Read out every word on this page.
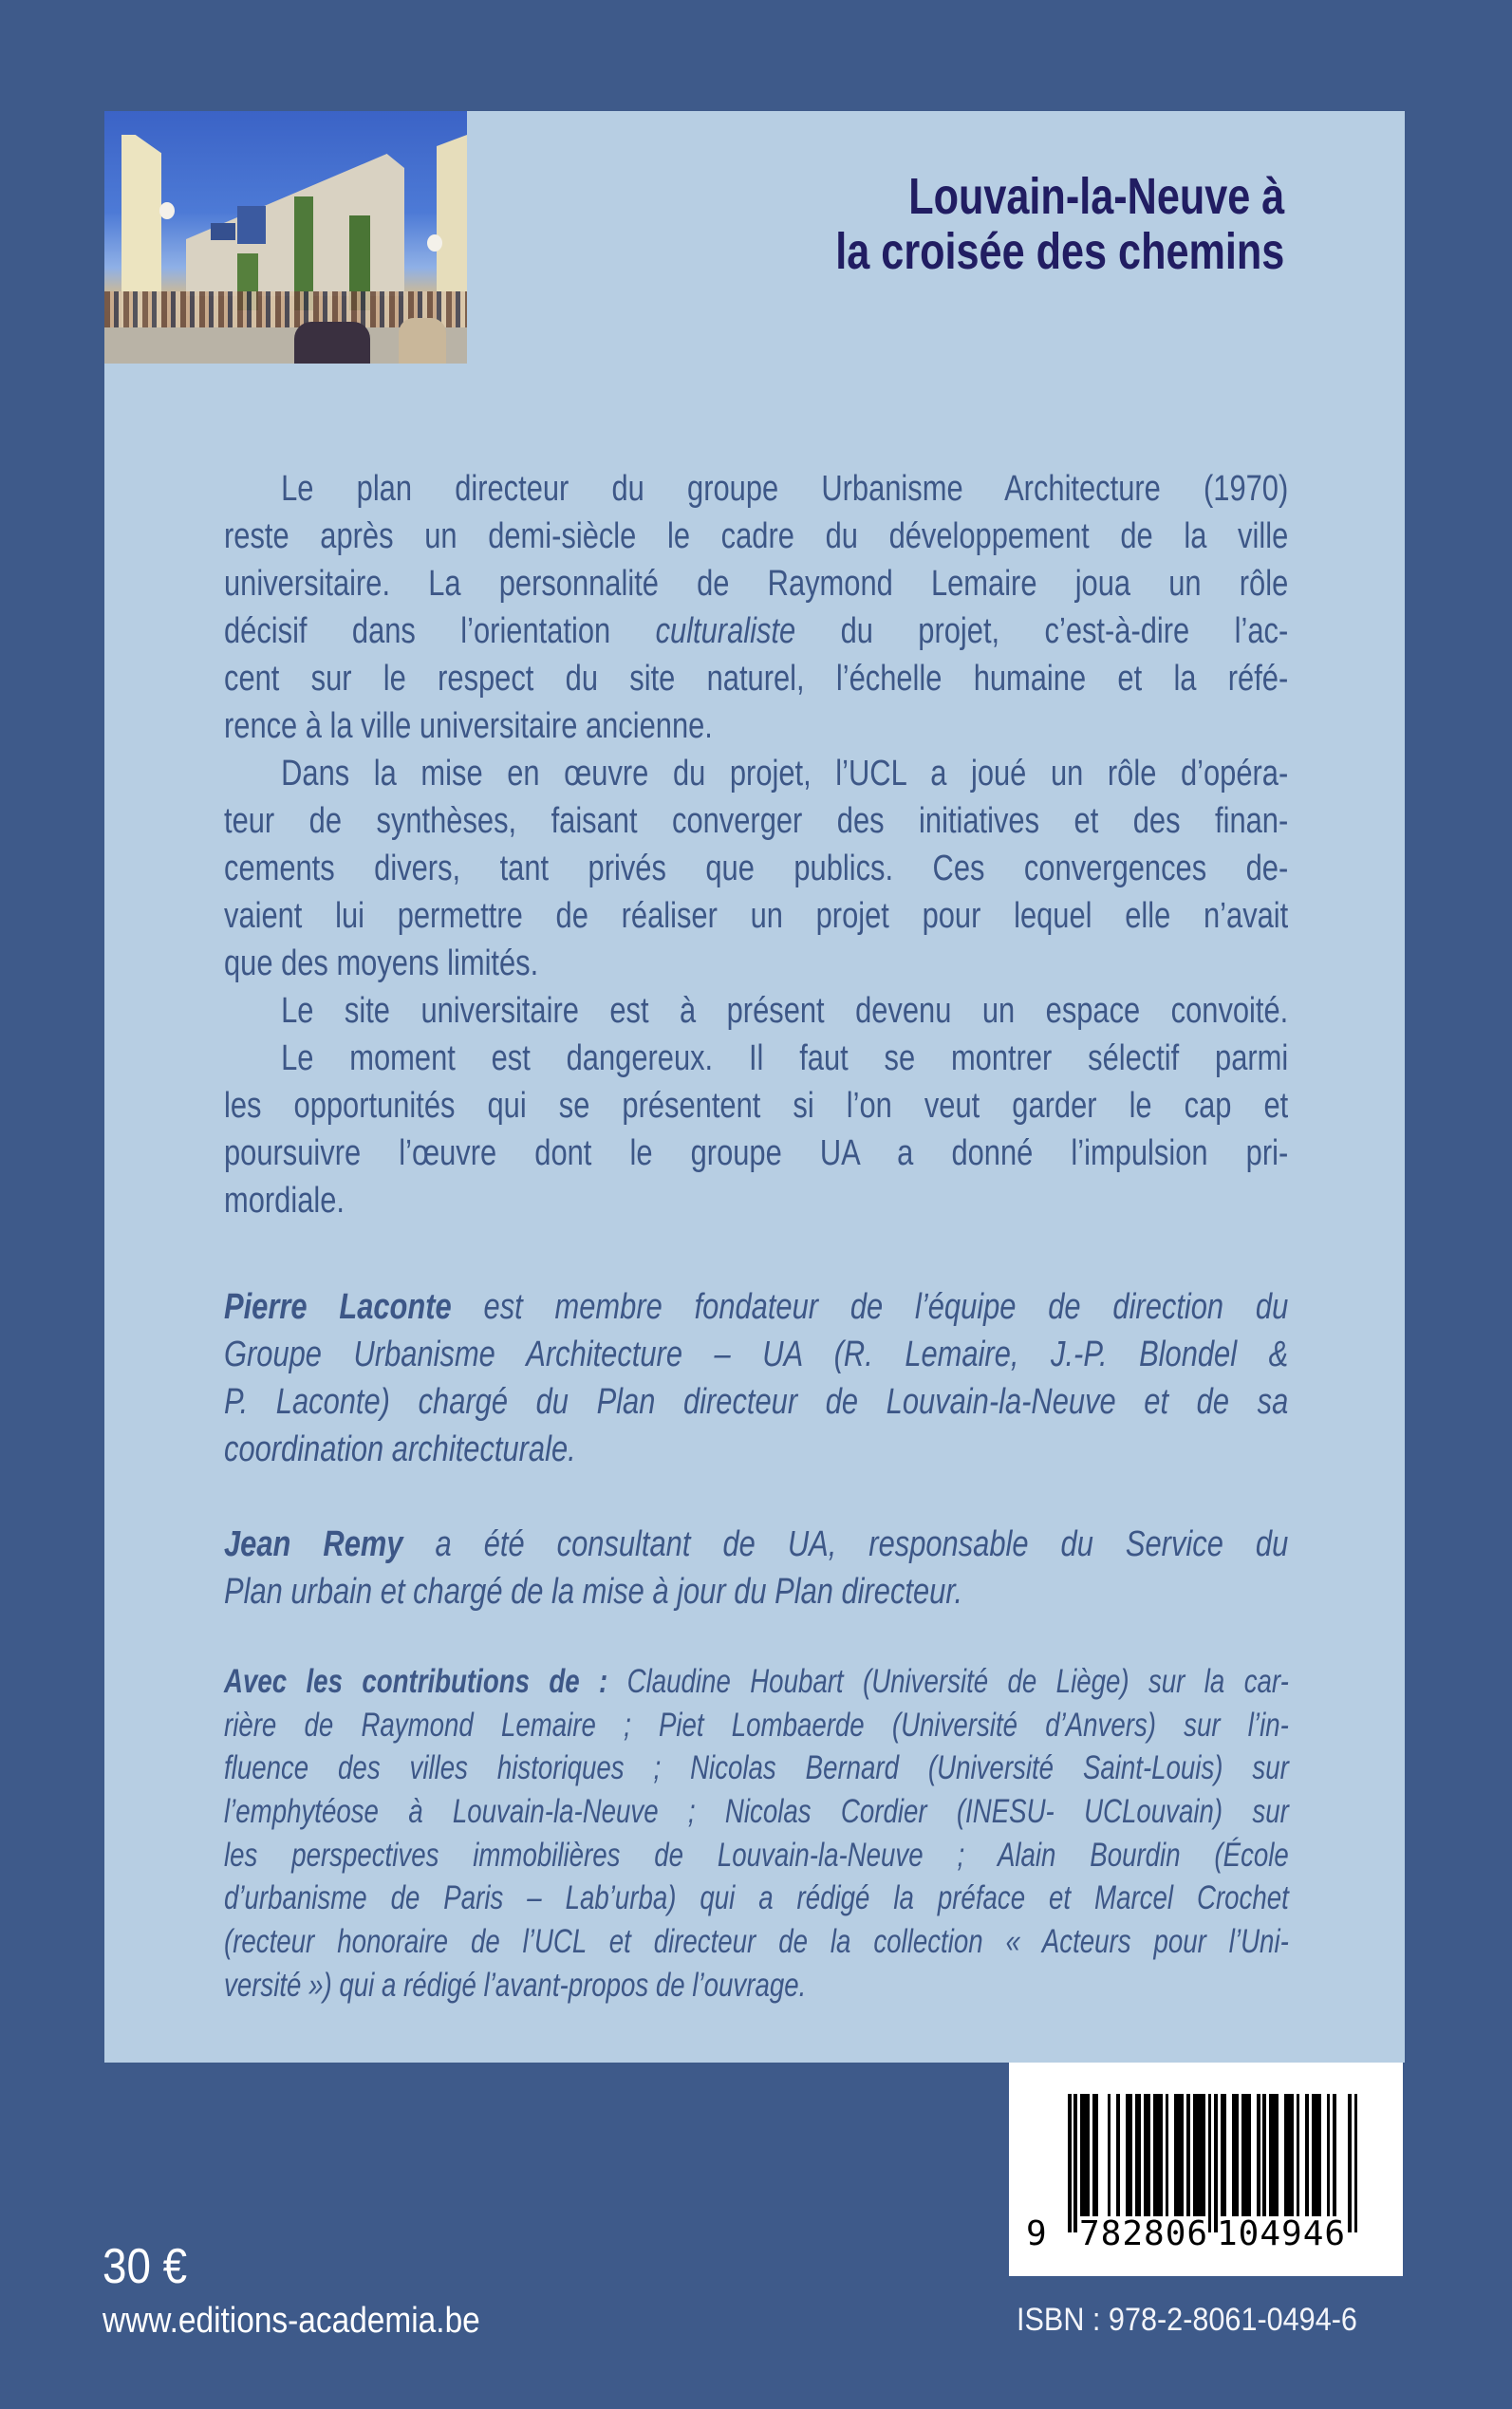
Louvain-la-Neuve à
la croisée des chemins
Le plan directeur du groupe Urbanisme Architecture (1970)
reste après un demi-siècle le cadre du développement de la ville
universitaire. La personnalité de Raymond Lemaire joua un rôle
décisif dans l’orientation culturaliste du projet, c’est-à-dire l’ac-
cent sur le respect du site naturel, l’échelle humaine et la réfé-
rence à la ville universitaire ancienne.
Dans la mise en œuvre du projet, l’UCL a joué un rôle d’opéra-
teur de synthèses, faisant converger des initiatives et des finan-
cements divers, tant privés que publics. Ces convergences de-
vaient lui permettre de réaliser un projet pour lequel elle n’avait
que des moyens limités.
Le site universitaire est à présent devenu un espace convoité.
Le moment est dangereux. Il faut se montrer sélectif parmi
les opportunités qui se présentent si l’on veut garder le cap et
poursuivre l’œuvre dont le groupe UA a donné l’impulsion pri-
mordiale.
Pierre Laconte est membre fondateur de l’équipe de direction du
Groupe Urbanisme Architecture – UA (R. Lemaire, J.-P. Blondel &
P. Laconte) chargé du Plan directeur de Louvain-la-Neuve et de sa
coordination architecturale.
Jean Remy a été consultant de UA, responsable du Service du
Plan urbain et chargé de la mise à jour du Plan directeur.
Avec les contributions de : Claudine Houbart (Université de Liège) sur la car-
rière de Raymond Lemaire ; Piet Lombaerde (Université d’Anvers) sur l’in-
fluence des villes historiques ; Nicolas Bernard (Université Saint-Louis) sur
l’emphytéose à Louvain-la-Neuve ; Nicolas Cordier (INESU- UCLouvain) sur
les perspectives immobilières de Louvain-la-Neuve ; Alain Bourdin (École
d’urbanisme de Paris – Lab’urba) qui a rédigé la préface et Marcel Crochet
(recteur honoraire de l’UCL et directeur de la collection « Acteurs pour l’Uni-
versité ») qui a rédigé l’avant-propos de l’ouvrage.
9 782806 104946
ISBN : 978-2-8061-0494-6
30 €
www.editions-academia.be
